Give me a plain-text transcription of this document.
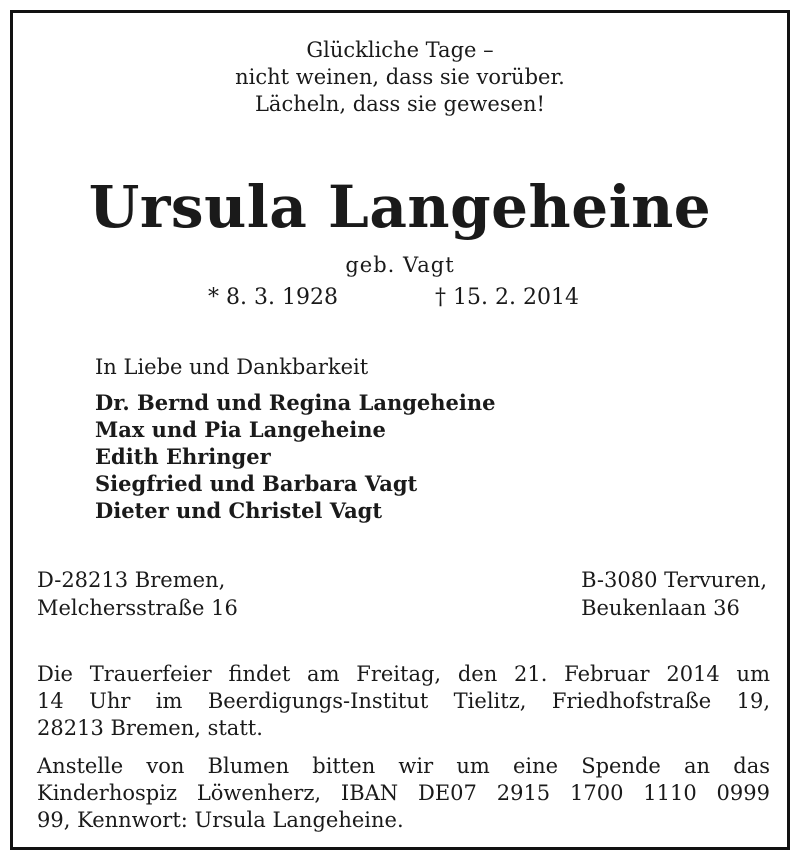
Glückliche Tage –
nicht weinen, dass sie vorüber.
Lächeln, dass sie gewesen!
Ursula Langeheine
geb. Vagt
* 8. 3. 1928	† 15. 2. 2014
In Liebe und Dankbarkeit
Dr. Bernd und Regina Langeheine
Max und Pia Langeheine
Edith Ehringer
Siegfried und Barbara Vagt
Dieter und Christel Vagt
D-28213 Bremen,
Melchersstraße 16
B-3080 Tervuren,
Beukenlaan 36
Die Trauerfeier findet am Freitag, den 21. Februar 2014 um
14 Uhr im Beerdigungs-Institut Tielitz, Friedhofstraße 19,
28213 Bremen, statt.
Anstelle von Blumen bitten wir um eine Spende an das
Kinderhospiz Löwenherz, IBAN DE07 2915 1700 1110 0999
99, Kennwort: Ursula Langeheine.
